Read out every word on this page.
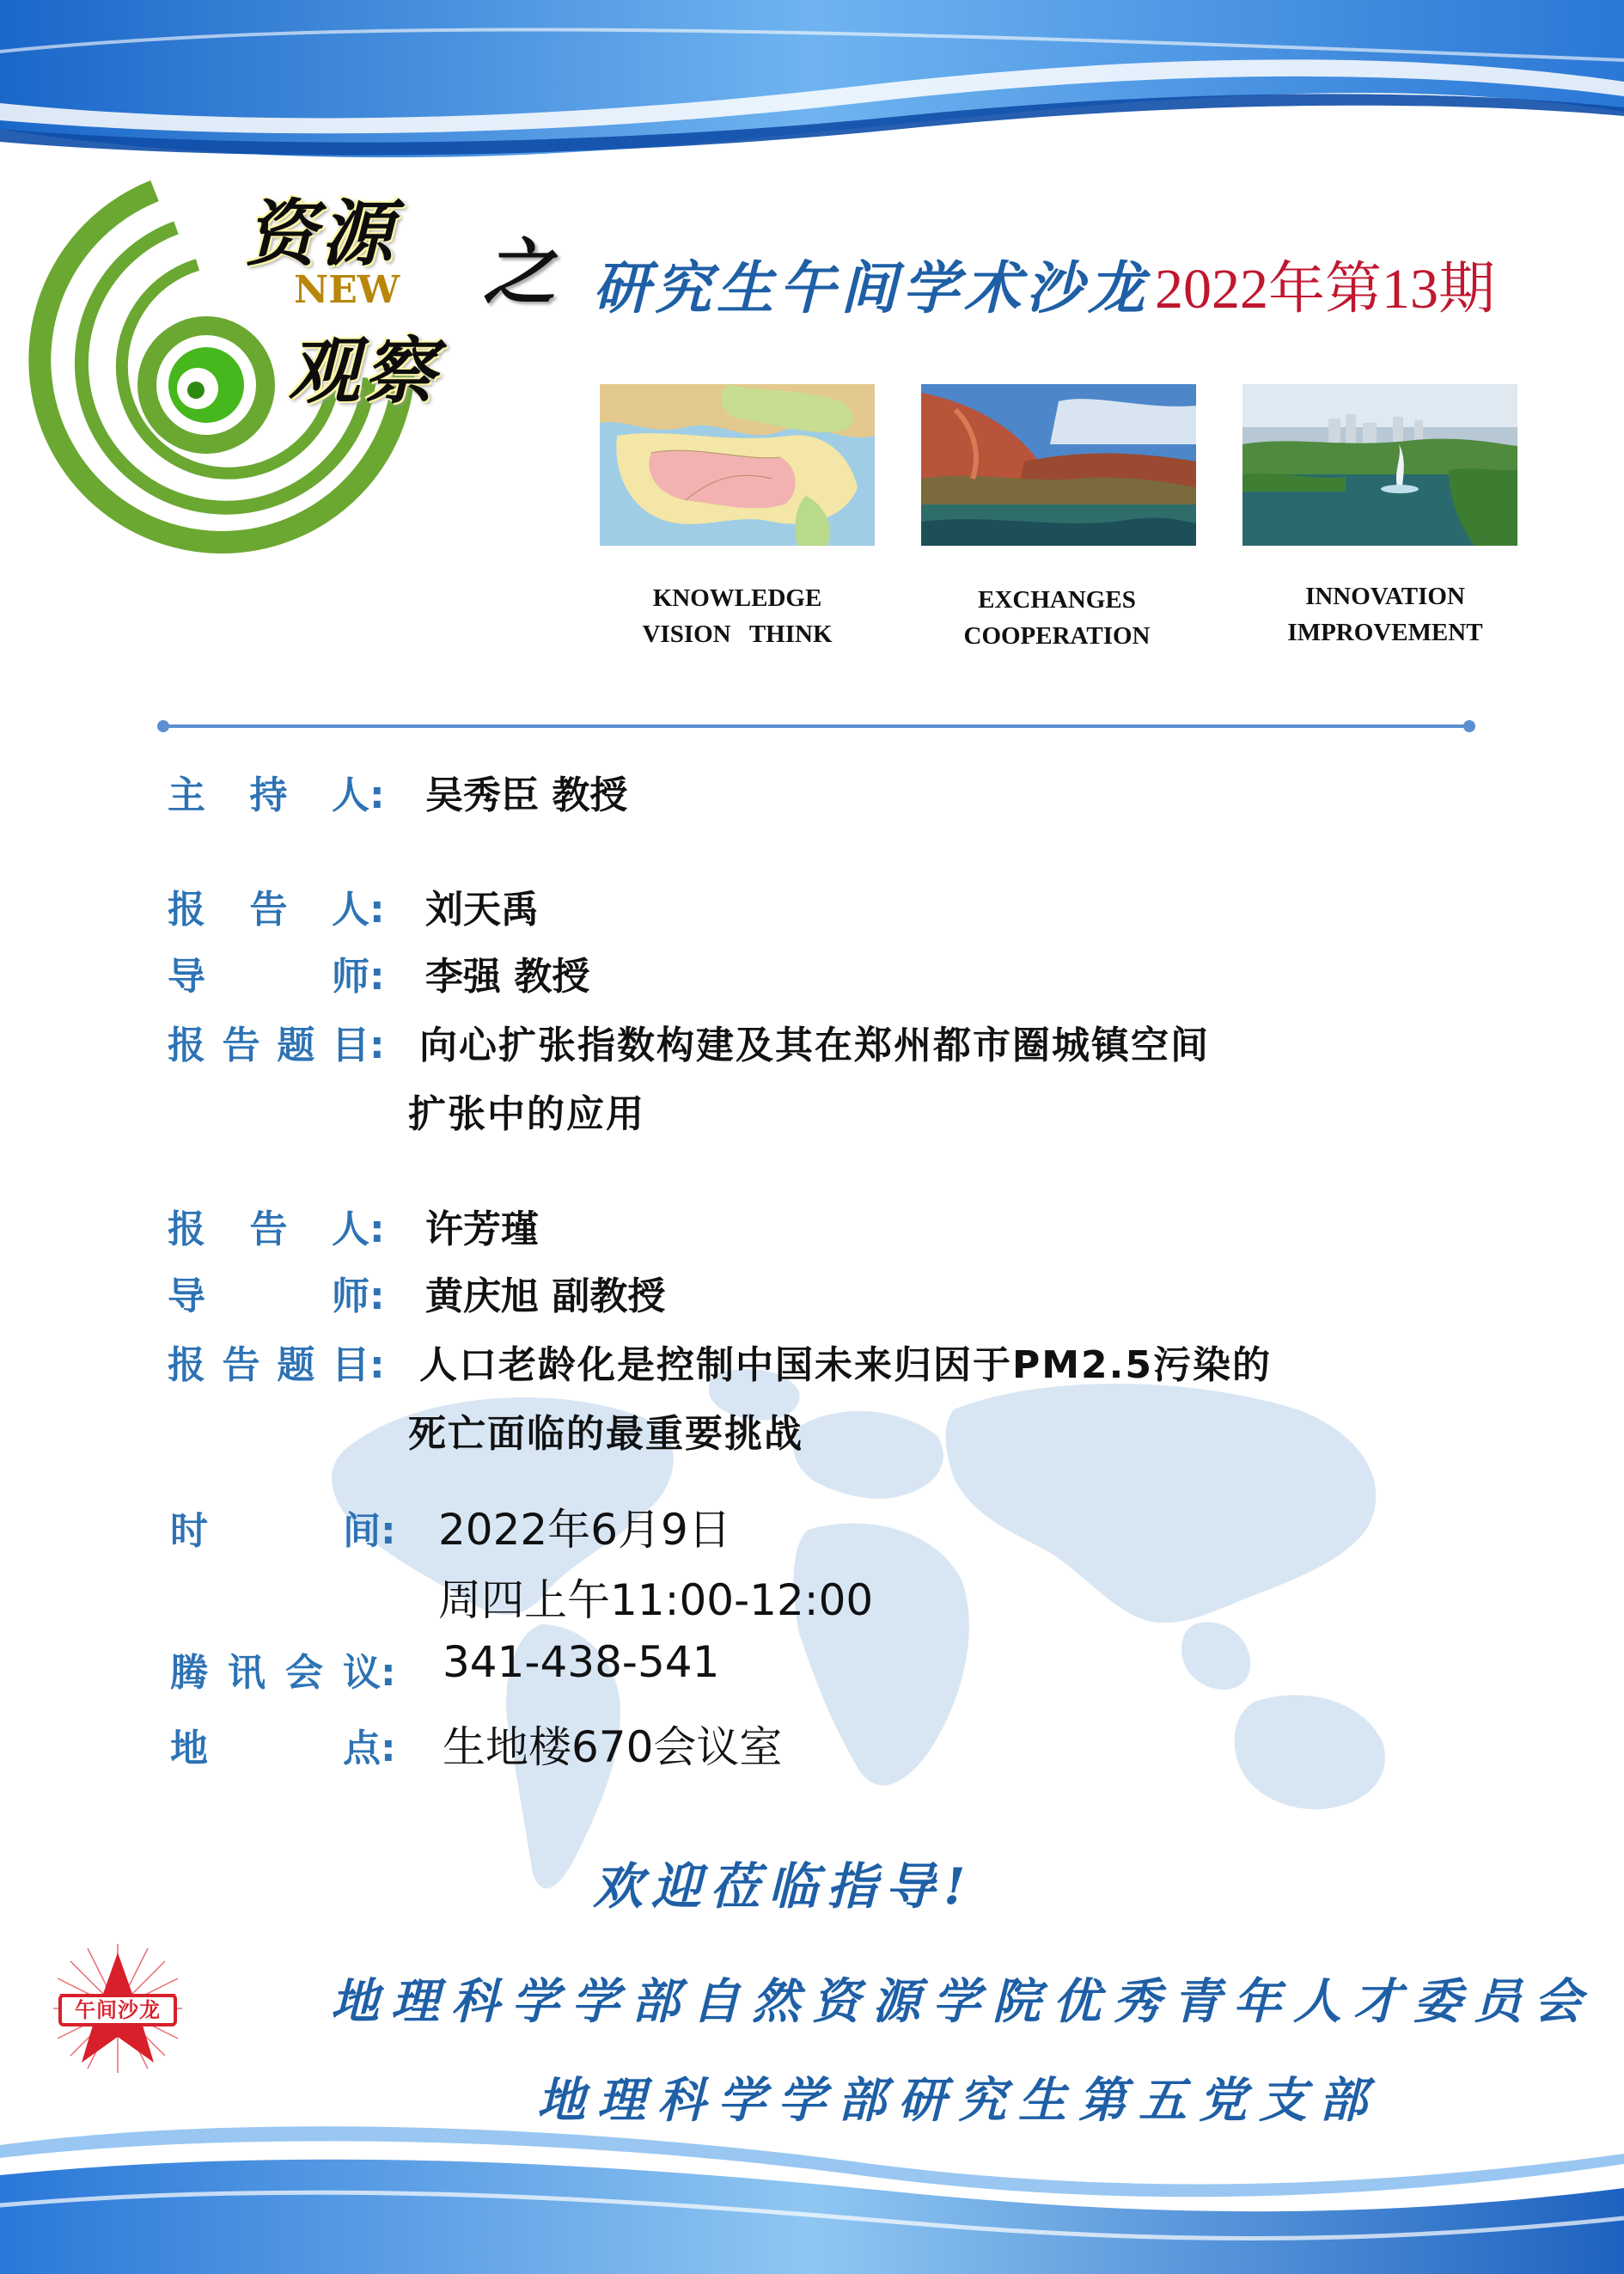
资源
NEW
观察
之 研究生午间学术沙龙2022年第13期
KNOWLEDGE
VISION   THINK
EXCHANGES
COOPERATION
INNOVATION
IMPROVEMENT
主 持 人: 吴秀臣 教授
报 告 人: 刘天禹
导 师: 李强 教授
报告题目: 向心扩张指数构建及其在郑州都市圈城镇空间
扩张中的应用
报 告 人: 许芳瑾
导 师: 黄庆旭 副教授
报告题目: 人口老龄化是控制中国未来归因于PM2.5污染的
死亡面临的最重要挑战
时 间: 2022年6月9日
周四上午11:00-12:00
腾讯会议: 341-438-541
地 点: 生地楼670会议室
欢迎莅临指导!
午间沙龙	地理科学学部自然资源学院优秀青年人才委员会
地理科学学部研究生第五党支部
